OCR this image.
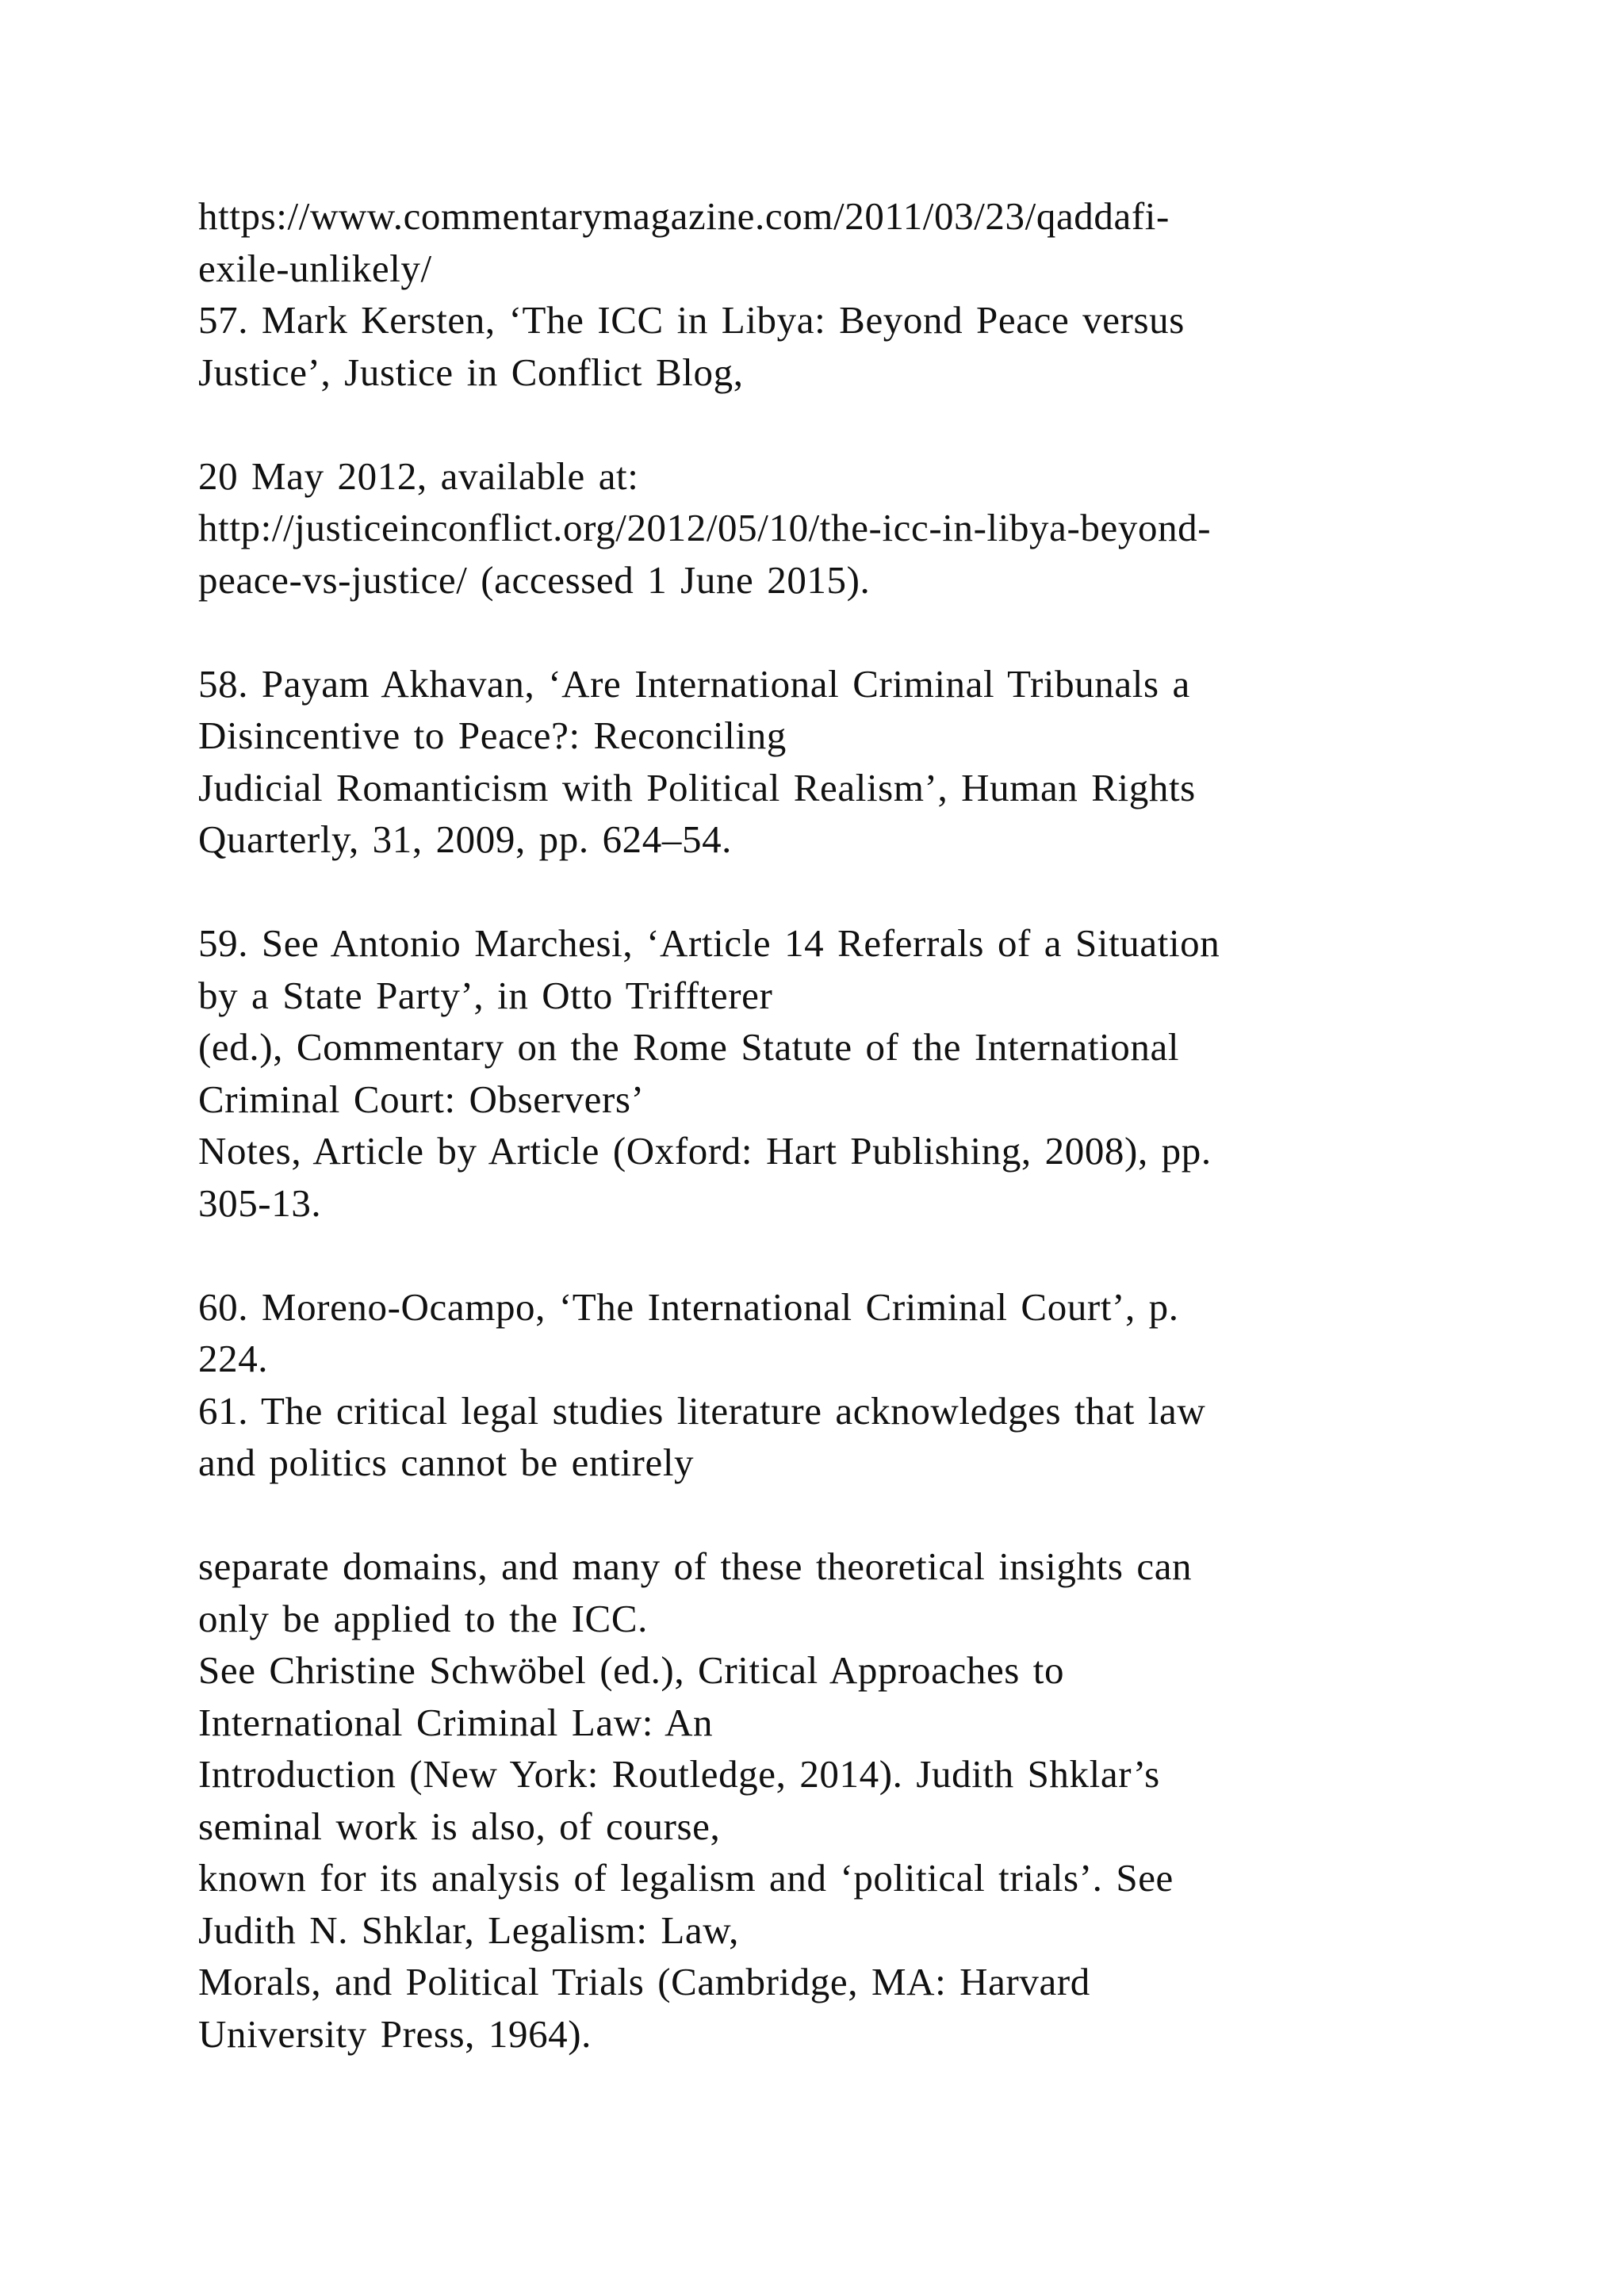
https://www.commentarymagazine.com/2011/03/23/qaddafi-
exile-unlikely/
57. Mark Kersten, ‘The ICC in Libya: Beyond Peace versus
Justice’, Justice in Conflict Blog,
20 May 2012, available at:
http://justiceinconflict.org/2012/05/10/the-icc-in-libya-beyond-
peace-vs-justice/ (accessed 1 June 2015).
58. Payam Akhavan, ‘Are International Criminal Tribunals a
Disincentive to Peace?: Reconciling
Judicial Romanticism with Political Realism’, Human Rights
Quarterly, 31, 2009, pp. 624–54.
59. See Antonio Marchesi, ‘Article 14 Referrals of a Situation
by a State Party’, in Otto Triffterer
(ed.), Commentary on the Rome Statute of the International
Criminal Court: Observers’
Notes, Article by Article (Oxford: Hart Publishing, 2008), pp.
305-13.
60. Moreno-Ocampo, ‘The International Criminal Court’, p.
224.
61. The critical legal studies literature acknowledges that law
and politics cannot be entirely
separate domains, and many of these theoretical insights can
only be applied to the ICC.
See Christine Schwöbel (ed.), Critical Approaches to
International Criminal Law: An
Introduction (New York: Routledge, 2014). Judith Shklar’s
seminal work is also, of course,
known for its analysis of legalism and ‘political trials’. See
Judith N. Shklar, Legalism: Law,
Morals, and Political Trials (Cambridge, MA: Harvard
University Press, 1964).
